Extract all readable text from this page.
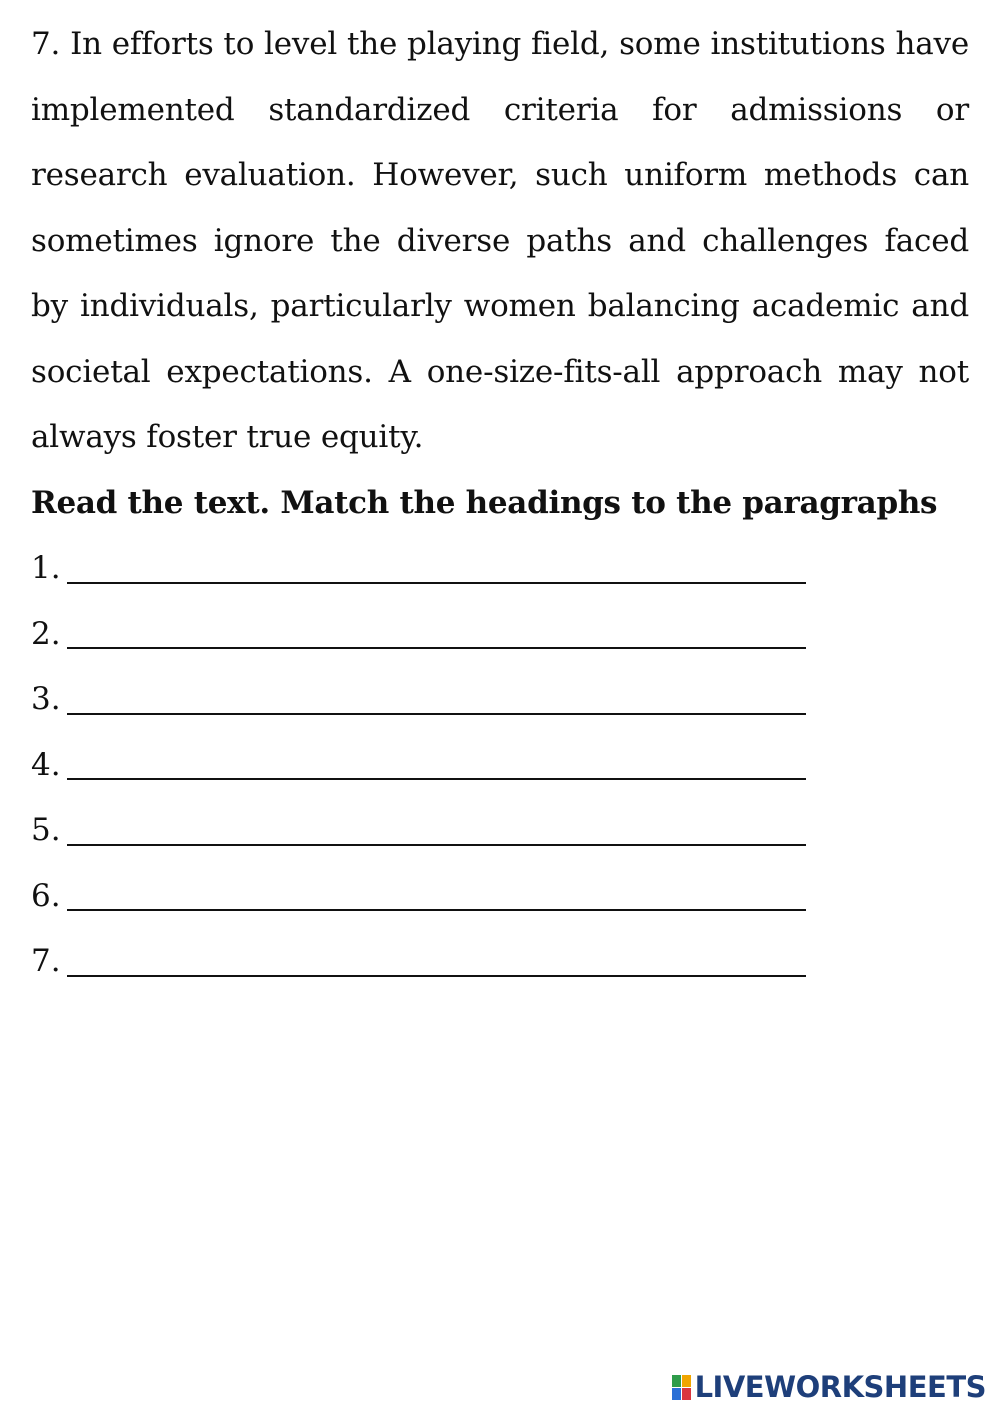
7. In efforts to level the playing field, some institutions have implemented standardized criteria for admissions or research evaluation. However, such uniform methods can sometimes ignore the diverse paths and challenges faced by individuals, particularly women balancing academic and societal expectations. A one-size-fits-all approach may not always foster true equity.

Read the text. Match the headings to the paragraphs

1.
2.
3.
4.
5.
6.
7.
LIVEWORKSHEETS
